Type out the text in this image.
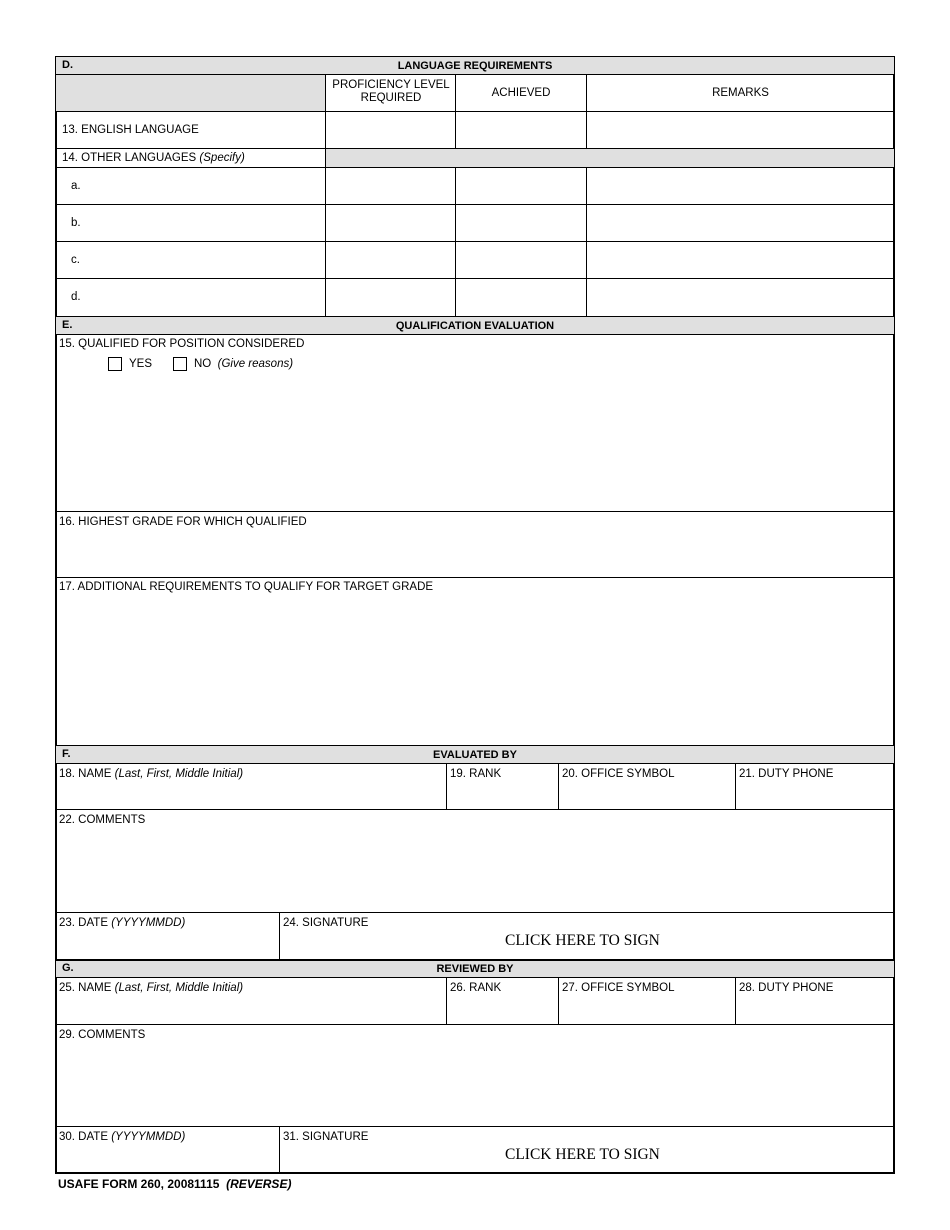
D.	LANGUAGE REQUIREMENTS
PROFICIENCY LEVEL REQUIRED	ACHIEVED	REMARKS
13. ENGLISH LANGUAGE
14. OTHER LANGUAGES (Specify)
a.
b.
c.
d.
E.	QUALIFICATION EVALUATION
15. QUALIFIED FOR POSITION CONSIDERED
YES	NO (Give reasons)
16. HIGHEST GRADE FOR WHICH QUALIFIED
17. ADDITIONAL REQUIREMENTS TO QUALIFY FOR TARGET GRADE
F.	EVALUATED BY
18. NAME (Last, First, Middle Initial)	19. RANK	20. OFFICE SYMBOL	21. DUTY PHONE
22. COMMENTS
23. DATE (YYYYMMDD)	24. SIGNATURE
CLICK HERE TO SIGN
G.	REVIEWED BY
25. NAME (Last, First, Middle Initial)	26. RANK	27. OFFICE SYMBOL	28. DUTY PHONE
29. COMMENTS
30. DATE (YYYYMMDD)	31. SIGNATURE
CLICK HERE TO SIGN
USAFE FORM 260, 20081115 (REVERSE)
